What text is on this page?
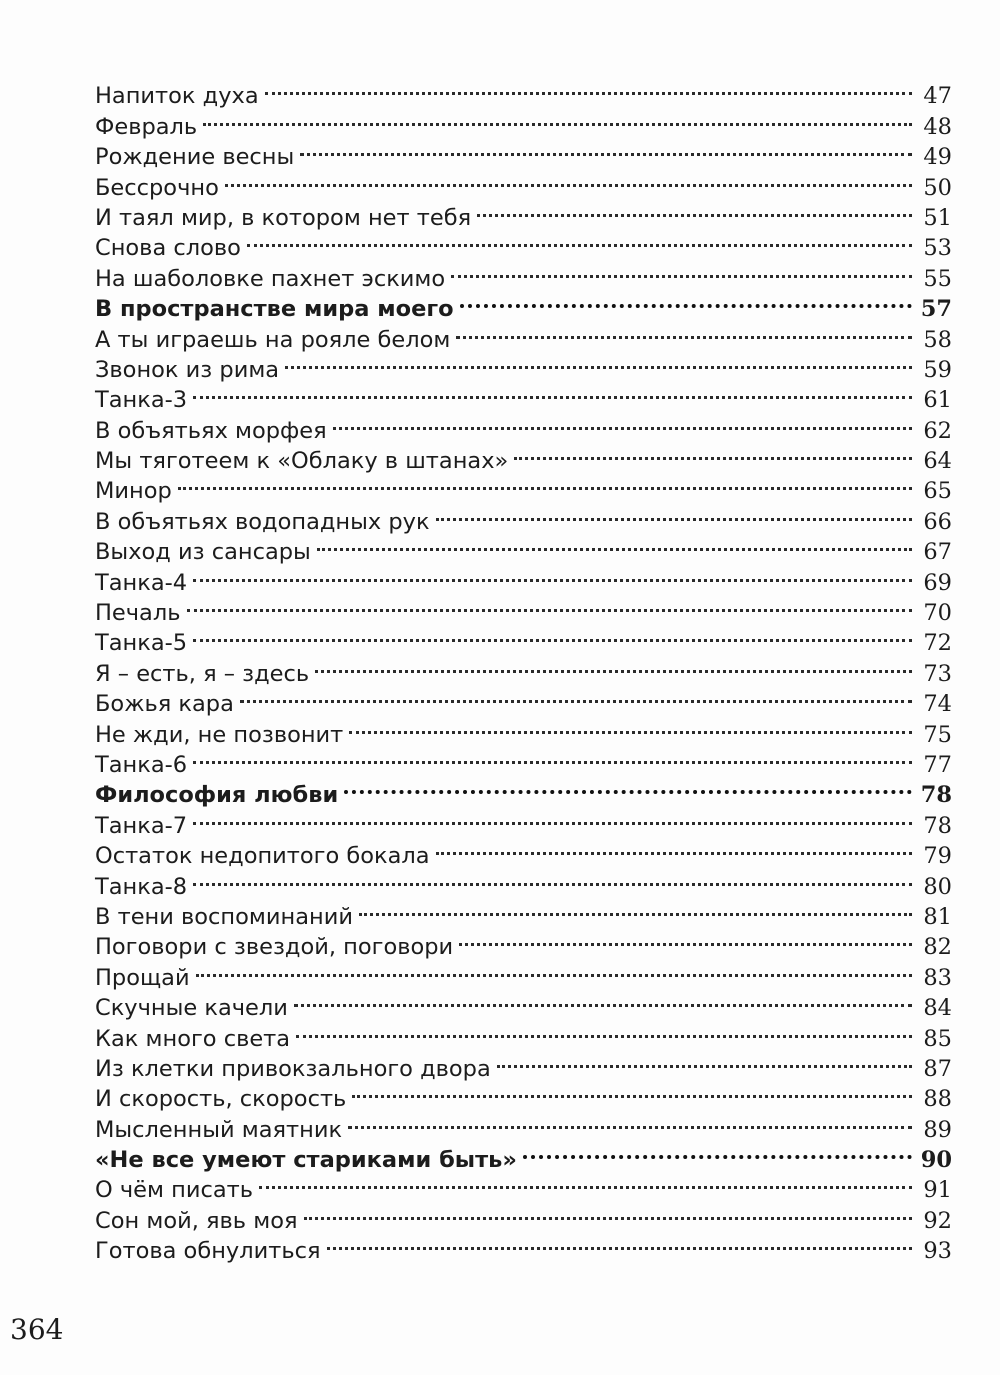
Напиток духа	47
Февраль	48
Рождение весны	49
Бессрочно	50
И таял мир, в котором нет тебя	51
Снова слово	53
На шаболовке пахнет эскимо	55
В пространстве мира моего	57
А ты играешь на рояле белом	58
Звонок из рима	59
Танка-3	61
В объятьях морфея	62
Мы тяготеем к «Облаку в штанах»	64
Минор	65
В объятьях водопадных рук	66
Выход из сансары	67
Танка-4	69
Печаль	70
Танка-5	72
Я – есть, я – здесь	73
Божья кара	74
Не жди, не позвонит	75
Танка-6	77
Философия любви	78
Танка-7	78
Остаток недопитого бокала	79
Танка-8	80
В тени воспоминаний	81
Поговори с звездой, поговори	82
Прощай	83
Скучные качели	84
Как много света	85
Из клетки привокзального двора	87
И скорость, скорость	88
Мысленный маятник	89
«Не все умеют стариками быть»	90
О чём писать	91
Сон мой, явь моя	92
Готова обнулиться	93
364
